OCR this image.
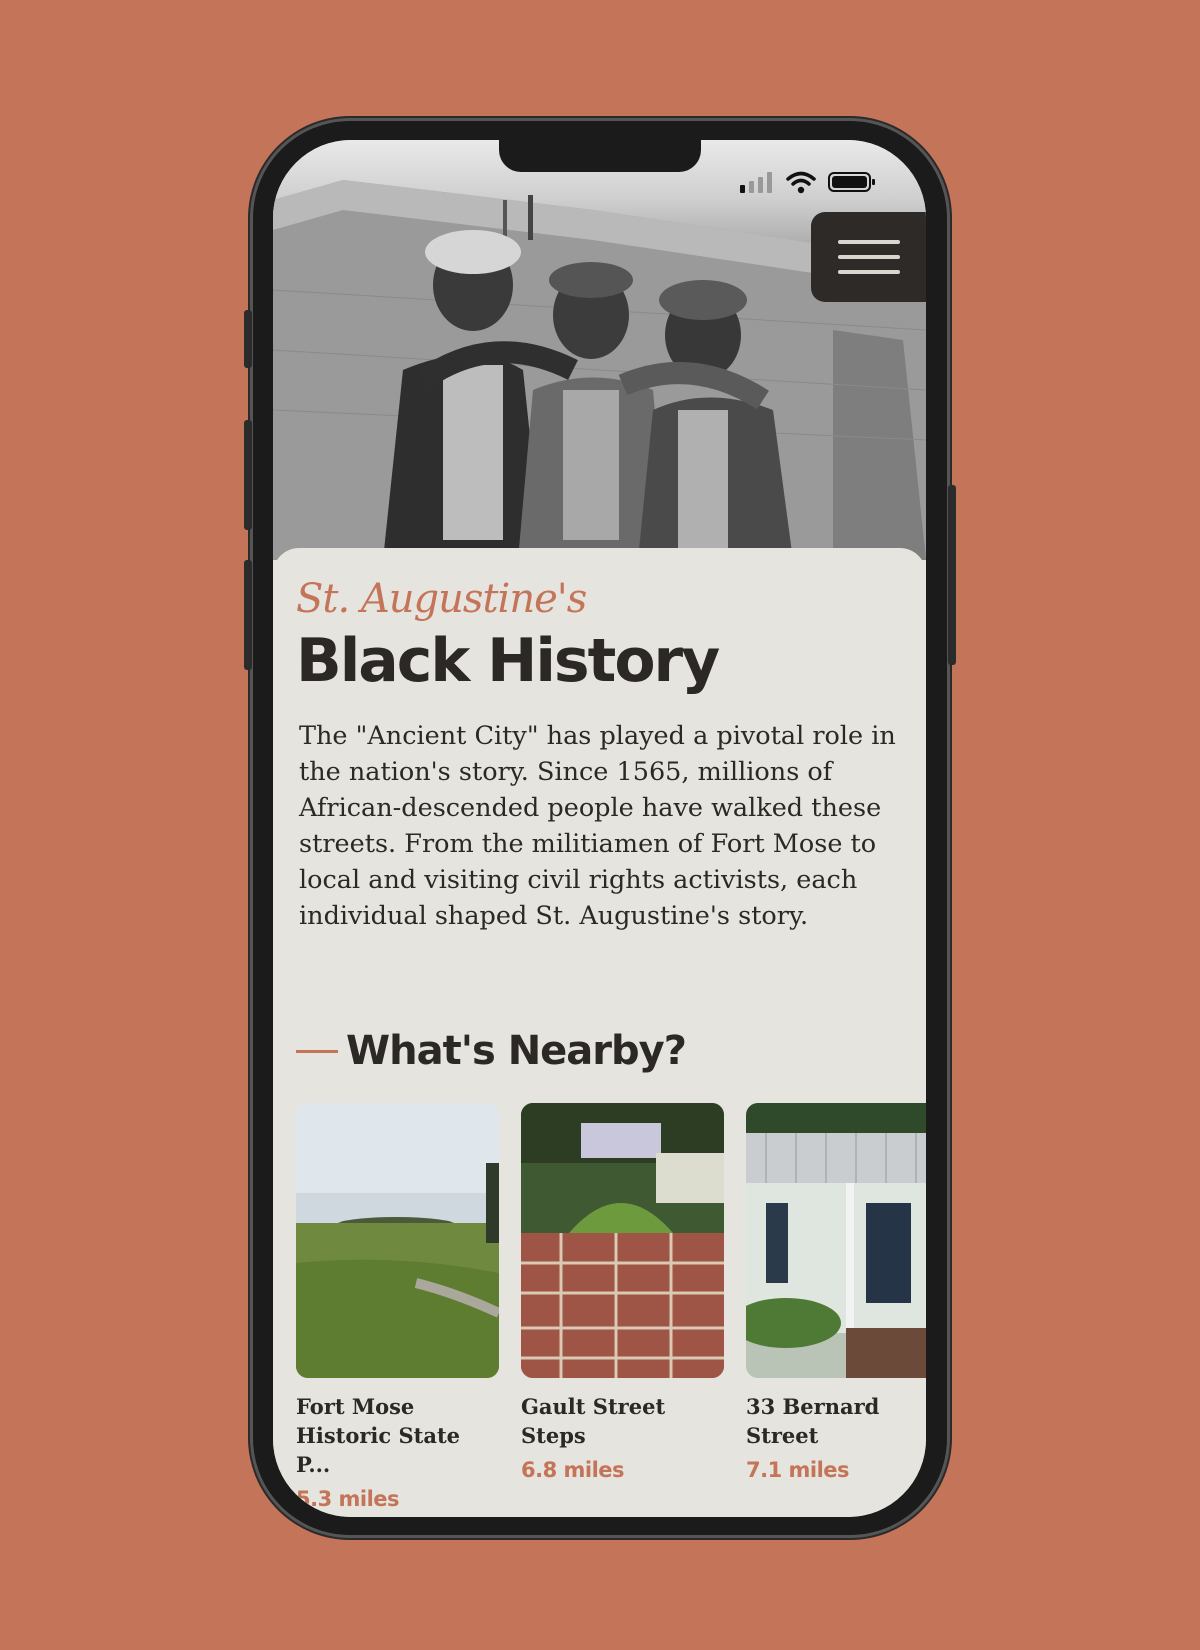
St. Augustine's
Black History
The "Ancient City" has played a pivotal role in the nation's story. Since 1565, millions of African-descended people have walked these streets. From the militiamen of Fort Mose to local and visiting civil rights activists, each individual shaped St. Augustine's story.
What's Nearby?
Fort Mose Historic State P...
5.3 miles
Gault Street Steps
6.8 miles
33 Bernard Street
7.1 miles
